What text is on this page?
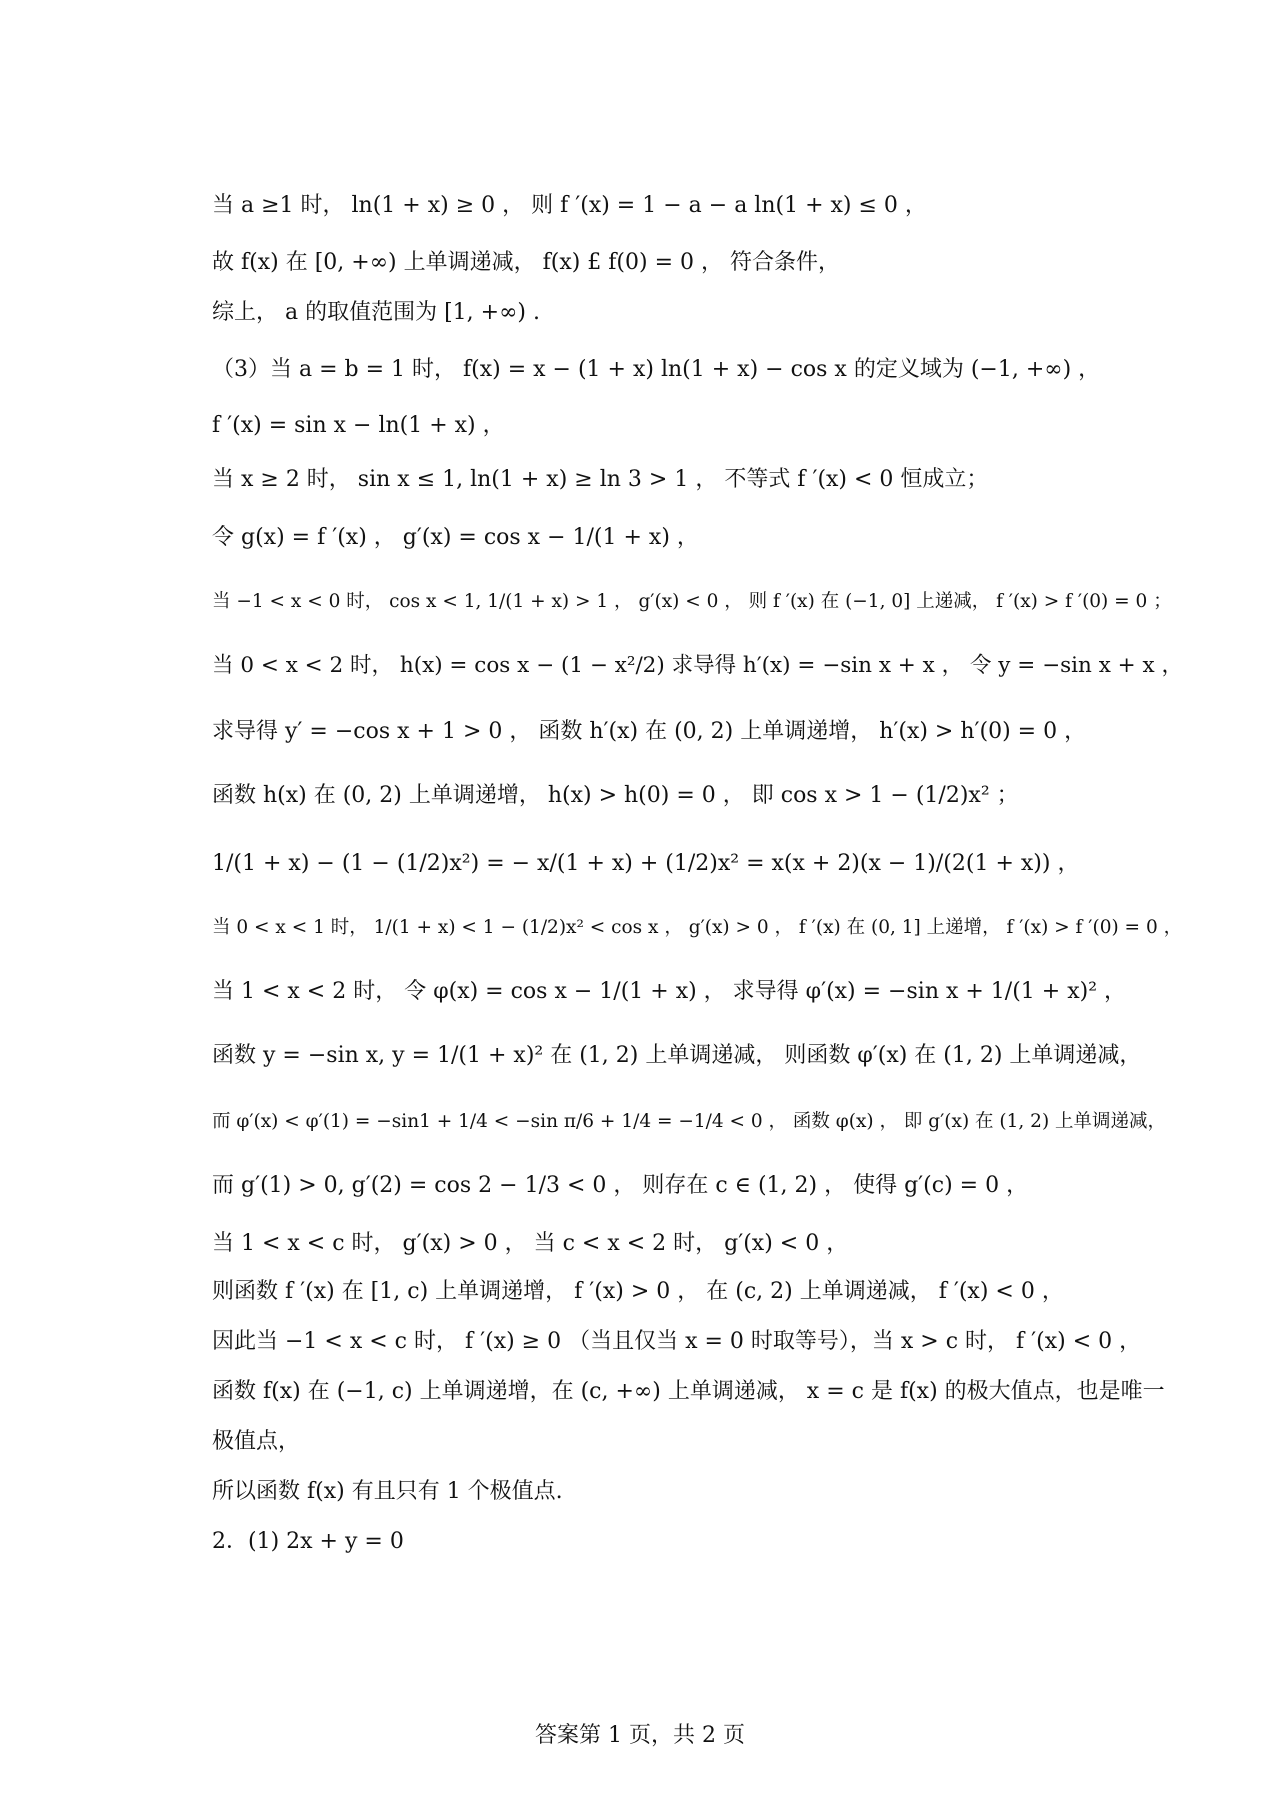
当 a ≥1 时， ln(1 + x) ≥ 0 ， 则 f ′(x) = 1 − a − a ln(1 + x) ≤ 0 ，
故 f(x) 在 [0, +∞) 上单调递减， f(x) £ f(0) = 0 ， 符合条件，
综上， a 的取值范围为 [1, +∞) .
（3）当 a = b = 1 时， f(x) = x − (1 + x) ln(1 + x) − cos x 的定义域为 (−1, +∞) ，
f ′(x) = sin x − ln(1 + x) ，
当 x ≥ 2 时， sin x ≤ 1, ln(1 + x) ≥ ln 3 > 1 ， 不等式 f ′(x) < 0 恒成立；
令 g(x) = f ′(x) ， g′(x) = cos x − 1/(1 + x) ，
当 −1 < x < 0 时， cos x < 1, 1/(1 + x) > 1 ， g′(x) < 0 ， 则 f ′(x) 在 (−1, 0] 上递减， f ′(x) > f ′(0) = 0 ；
当 0 < x < 2 时， h(x) = cos x − (1 − x²/2) 求导得 h′(x) = −sin x + x ， 令 y = −sin x + x ，
求导得 y′ = −cos x + 1 > 0 ， 函数 h′(x) 在 (0, 2) 上单调递增， h′(x) > h′(0) = 0 ，
函数 h(x) 在 (0, 2) 上单调递增， h(x) > h(0) = 0 ， 即 cos x > 1 − (1/2)x² ；
1/(1 + x) − (1 − (1/2)x²) = − x/(1 + x) + (1/2)x² = x(x + 2)(x − 1)/(2(1 + x)) ，
当 0 < x < 1 时， 1/(1 + x) < 1 − (1/2)x² < cos x ， g′(x) > 0 ， f ′(x) 在 (0, 1] 上递增， f ′(x) > f ′(0) = 0 ，
当 1 < x < 2 时， 令 φ(x) = cos x − 1/(1 + x) ， 求导得 φ′(x) = −sin x + 1/(1 + x)² ，
函数 y = −sin x, y = 1/(1 + x)² 在 (1, 2) 上单调递减， 则函数 φ′(x) 在 (1, 2) 上单调递减，
而 φ′(x) < φ′(1) = −sin1 + 1/4 < −sin π/6 + 1/4 = −1/4 < 0 ， 函数 φ(x) ， 即 g′(x) 在 (1, 2) 上单调递减，
而 g′(1) > 0, g′(2) = cos 2 − 1/3 < 0 ， 则存在 c ∈ (1, 2) ， 使得 g′(c) = 0 ，
当 1 < x < c 时， g′(x) > 0 ， 当 c < x < 2 时， g′(x) < 0 ，
则函数 f ′(x) 在 [1, c) 上单调递增， f ′(x) > 0 ， 在 (c, 2) 上单调递减， f ′(x) < 0 ，
因此当 −1 < x < c 时， f ′(x) ≥ 0 （当且仅当 x = 0 时取等号），当 x > c 时， f ′(x) < 0 ，
函数 f(x) 在 (−1, c) 上单调递增，在 (c, +∞) 上单调递减， x = c 是 f(x) 的极大值点，也是唯一
极值点，
所以函数 f(x) 有且只有 1 个极值点.
2．(1) 2x + y = 0
答案第 1 页，共 2 页
